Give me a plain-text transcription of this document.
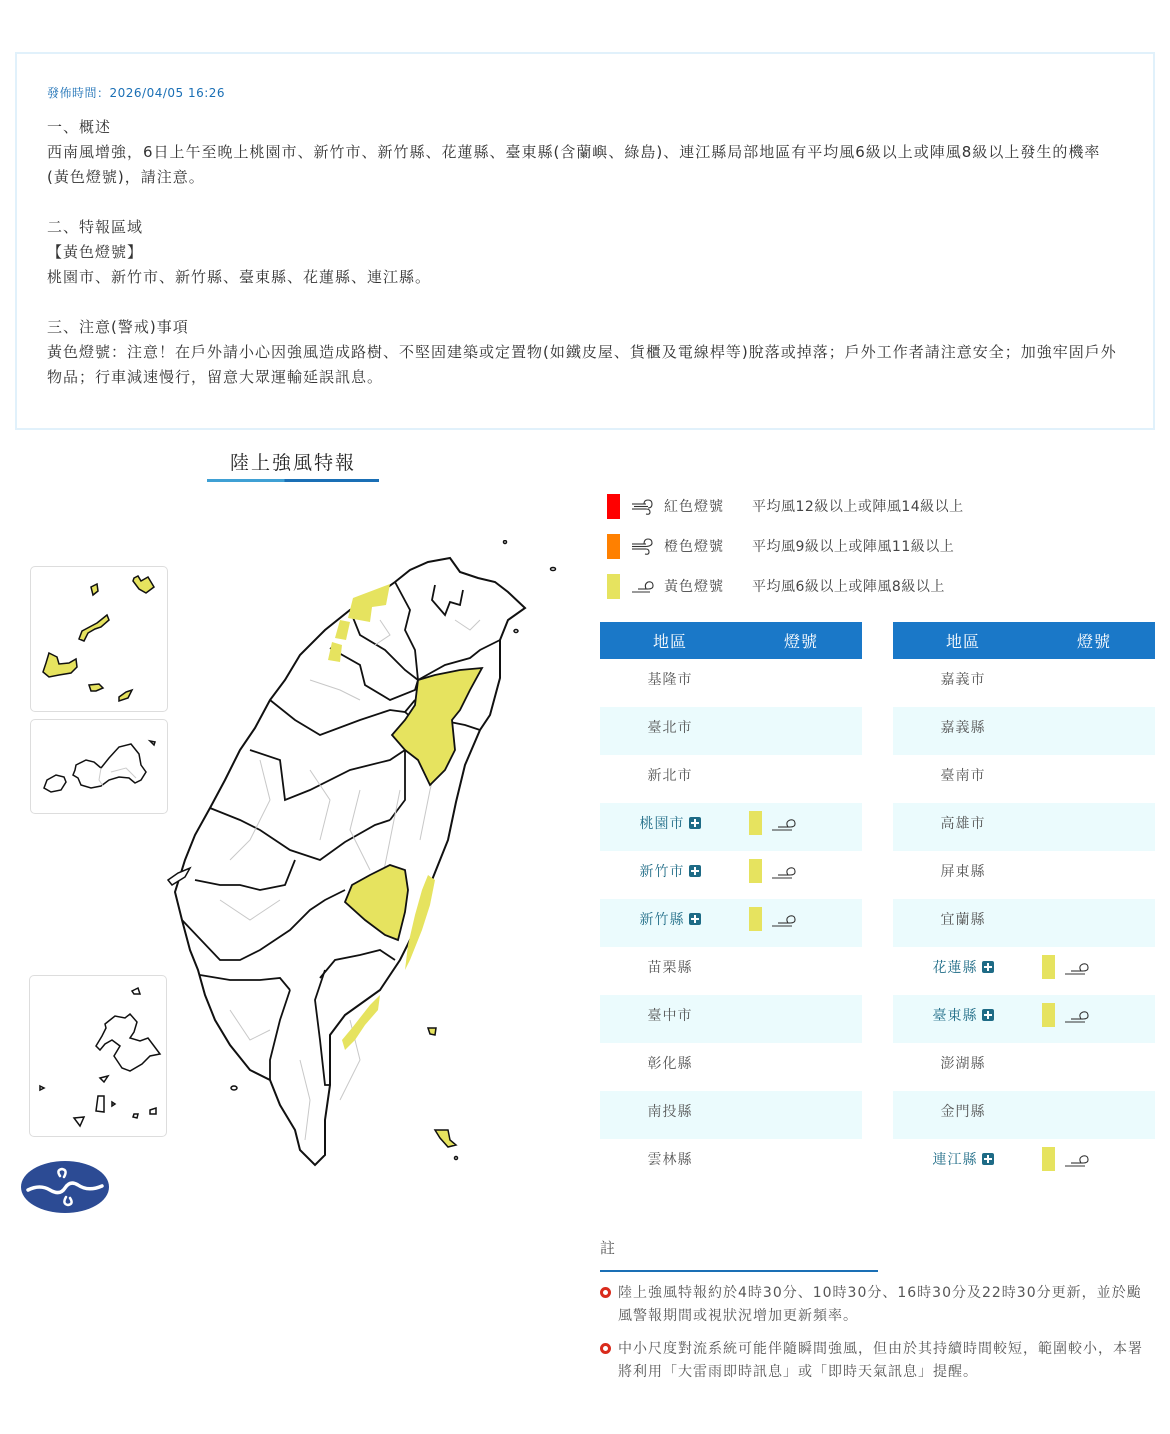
發佈時間：2026/04/05 16:26
一、概述
西南風增強，6日上午至晚上桃園市、新竹市、新竹縣、花蓮縣、臺東縣(含蘭嶼、綠島)、連江縣局部地區有平均風6級以上或陣風8級以上發生的機率(黃色燈號)，請注意。
二、特報區域
【黃色燈號】
桃園市、新竹市、新竹縣、臺東縣、花蓮縣、連江縣。
三、注意(警戒)事項
黃色燈號：注意！在戶外請小心因強風造成路樹、不堅固建築或定置物(如鐵皮屋、貨櫃及電線桿等)脫落或掉落；戶外工作者請注意安全；加強牢固戶外物品；行車減速慢行，留意大眾運輸延誤訊息。
陸上強風特報
紅色燈號	平均風12級以上或陣風14級以上
橙色燈號	平均風9級以上或陣風11級以上
黃色燈號	平均風6級以上或陣風8級以上
地區	燈號
基隆市
臺北市
新北市
桃園市
新竹市
新竹縣
苗栗縣
臺中市
彰化縣
南投縣
雲林縣
地區	燈號
嘉義市
嘉義縣
臺南市
高雄市
屏東縣
宜蘭縣
花蓮縣
臺東縣
澎湖縣
金門縣
連江縣
註
陸上強風特報約於4時30分、10時30分、16時30分及22時30分更新，並於颱風警報期間或視狀況增加更新頻率。
中小尺度對流系統可能伴隨瞬間強風，但由於其持續時間較短，範圍較小，本署將利用「大雷雨即時訊息」或「即時天氣訊息」提醒。
